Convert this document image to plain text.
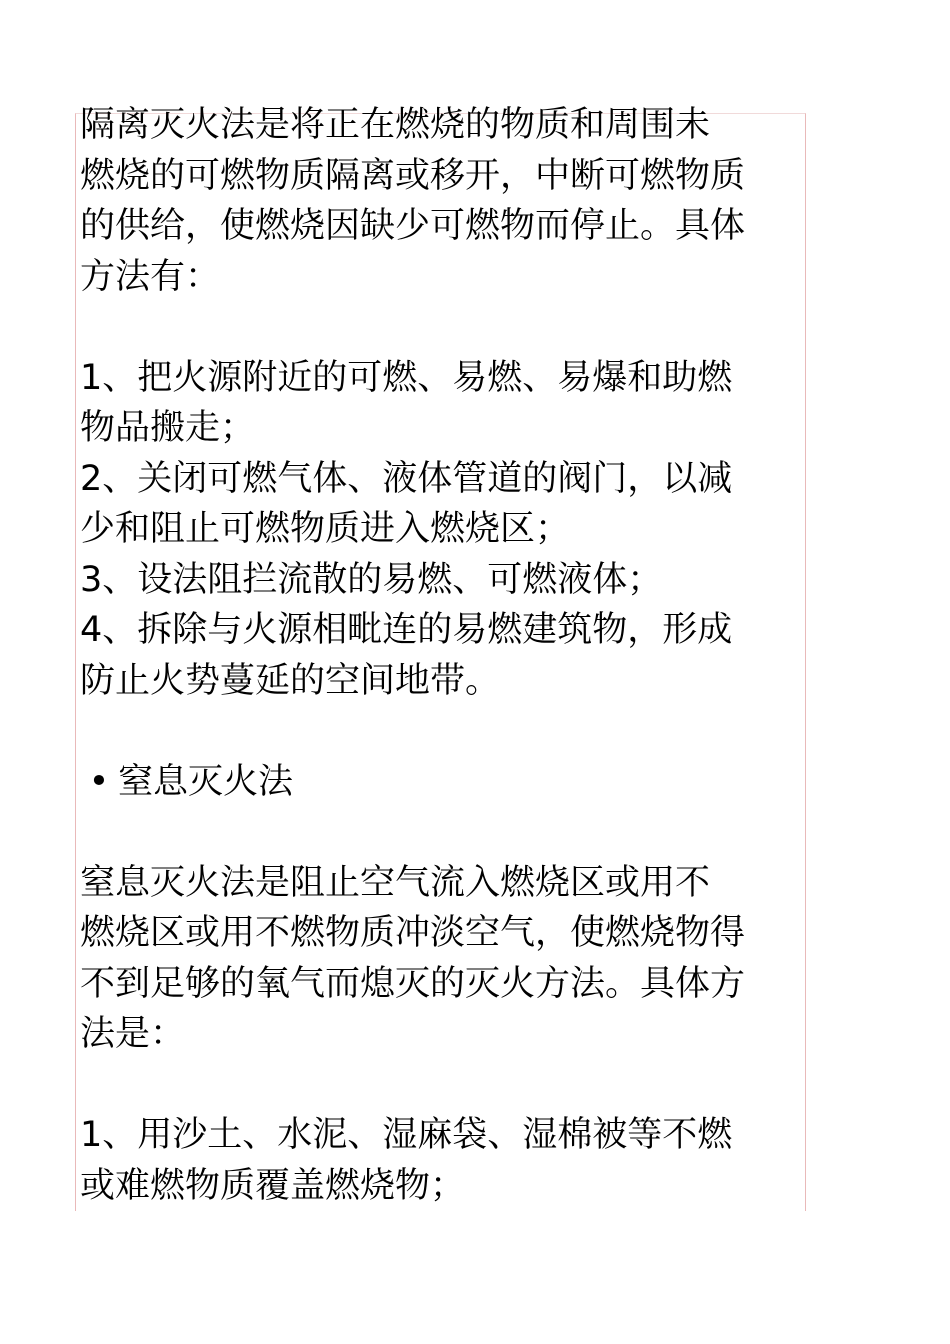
隔离灭火法是将正在燃烧的物质和周围未
燃烧的可燃物质隔离或移开，中断可燃物质
的供给，使燃烧因缺少可燃物而停止。具体
方法有：
1、把火源附近的可燃、易燃、易爆和助燃
物品搬走；
2、关闭可燃气体、液体管道的阀门，以减
少和阻止可燃物质进入燃烧区；
3、设法阻拦流散的易燃、可燃液体；
4、拆除与火源相毗连的易燃建筑物，形成
防止火势蔓延的空间地带。
• 窒息灭火法
窒息灭火法是阻止空气流入燃烧区或用不
燃烧区或用不燃物质冲淡空气，使燃烧物得
不到足够的氧气而熄灭的灭火方法。具体方
法是：
1、用沙土、水泥、湿麻袋、湿棉被等不燃
或难燃物质覆盖燃烧物；
